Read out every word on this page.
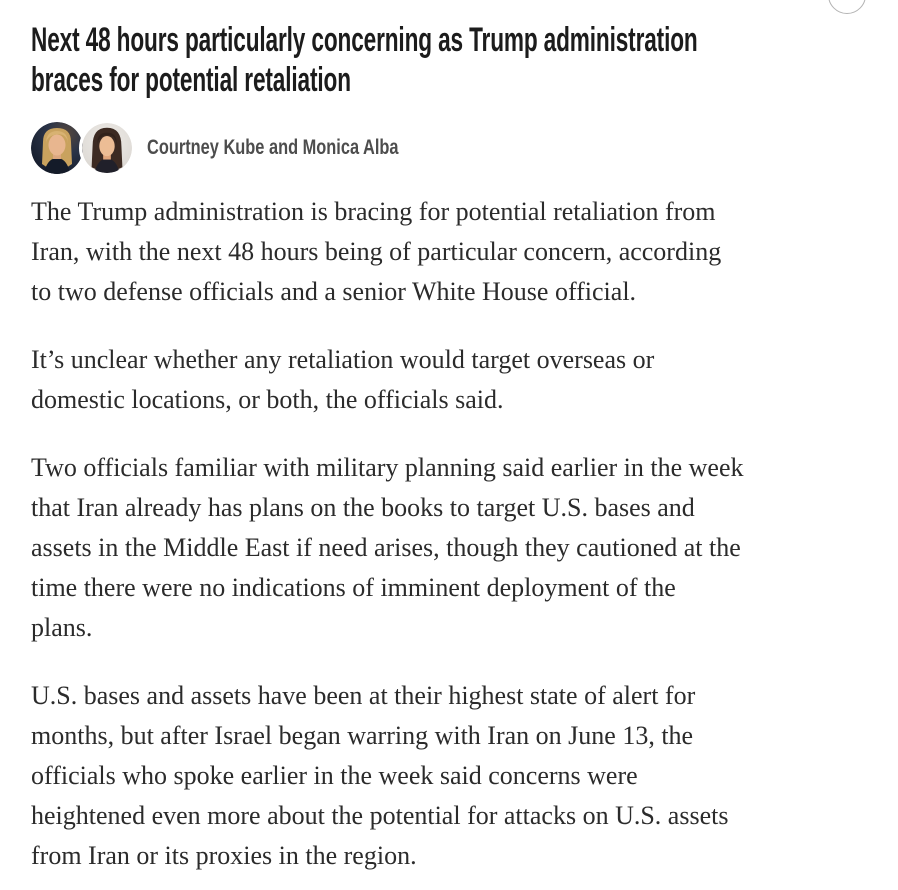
Next 48 hours particularly concerning as Trump administration
braces for potential retaliation
Courtney Kube and Monica Alba

The Trump administration is bracing for potential retaliation from
Iran, with the next 48 hours being of particular concern, according
to two defense officials and a senior White House official.

It’s unclear whether any retaliation would target overseas or
domestic locations, or both, the officials said.

Two officials familiar with military planning said earlier in the week
that Iran already has plans on the books to target U.S. bases and
assets in the Middle East if need arises, though they cautioned at the
time there were no indications of imminent deployment of the
plans.

U.S. bases and assets have been at their highest state of alert for
months, but after Israel began warring with Iran on June 13, the
officials who spoke earlier in the week said concerns were
heightened even more about the potential for attacks on U.S. assets
from Iran or its proxies in the region.
